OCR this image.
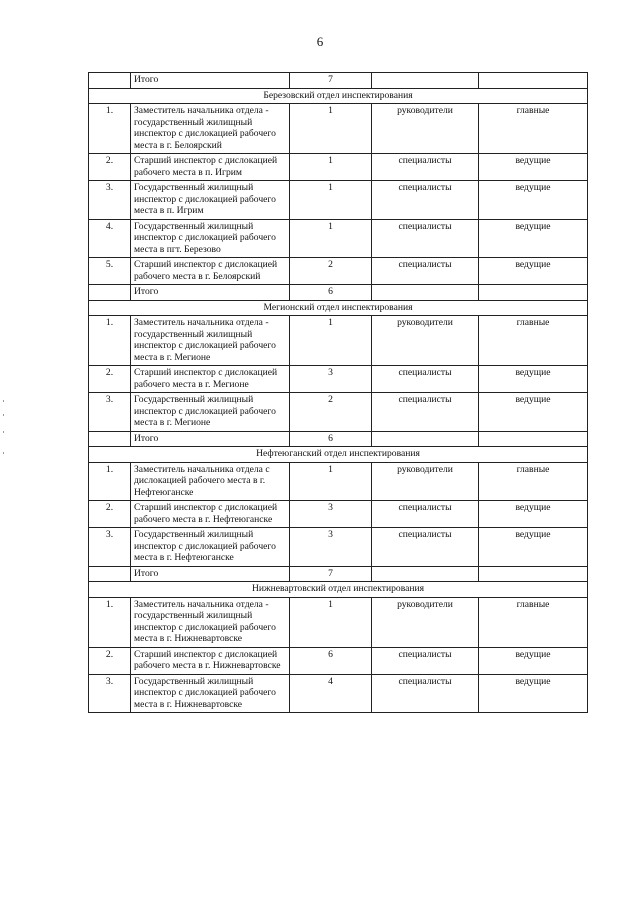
6
	Итого	7		
Березовский отдел инспектирования				
1.	Заместитель начальника отдела - государственный жилищный инспектор с дислокацией рабочего места в г. Белоярский	1	руководители	главные
2.	Старший инспектор с дислокацией рабочего места в п. Игрим	1	специалисты	ведущие
3.	Государственный жилищный инспектор с дислокацией рабочего места в п. Игрим	1	специалисты	ведущие
4.	Государственный жилищный инспектор с дислокацией рабочего места в пгт. Березово	1	специалисты	ведущие
5.	Старший инспектор с дислокацией рабочего места в г. Белоярский	2	специалисты	ведущие
	Итого	6		
Мегионский отдел инспектирования				
1.	Заместитель начальника отдела - государственный жилищный инспектор с дислокацией рабочего места в г. Мегионе	1	руководители	главные
2.	Старший инспектор с дислокацией рабочего места в г. Мегионе	3	специалисты	ведущие
3.	Государственный жилищный инспектор с дислокацией рабочего места в г. Мегионе	2	специалисты	ведущие
	Итого	6		
Нефтеюганский отдел инспектирования				
1.	Заместитель начальника отдела с дислокацией рабочего места в г. Нефтеюганске	1	руководители	главные
2.	Старший инспектор с дислокацией рабочего места в г. Нефтеюганске	3	специалисты	ведущие
3.	Государственный жилищный инспектор с дислокацией рабочего места в г. Нефтеюганске	3	специалисты	ведущие
	Итого	7		
Нижневартовский отдел инспектирования				
1.	Заместитель начальника отдела - государственный жилищный инспектор с дислокацией рабочего места в г. Нижневартовске	1	руководители	главные
2.	Старший инспектор с дислокацией рабочего места в г. Нижневартовске	6	специалисты	ведущие
3.	Государственный жилищный инспектор с дислокацией рабочего места в г. Нижневартовске	4	специалисты	ведущие
